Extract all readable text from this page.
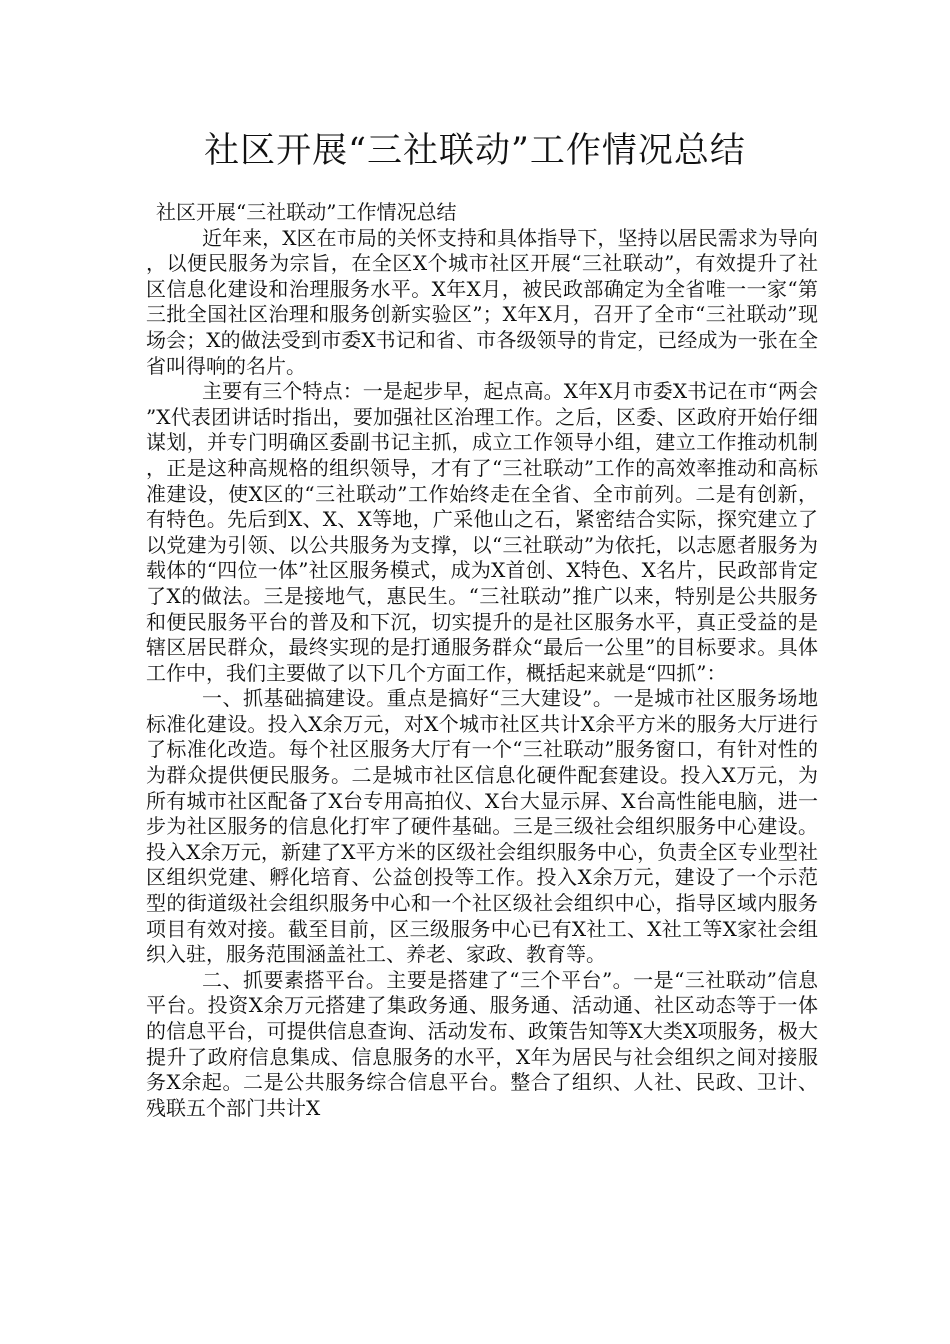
社区开展“三社联动”工作情况总结

社区开展“三社联动”工作情况总结

近年来，X区在市局的关怀支持和具体指导下，坚持以居民需求为导向，以便民服务为宗旨，在全区X个城市社区开展“三社联动”，有效提升了社区信息化建设和治理服务水平。X年X月，被民政部确定为全省唯一一家“第三批全国社区治理和服务创新实验区”；X年X月，召开了全市“三社联动”现场会；X的做法受到市委X书记和省、市各级领导的肯定，已经成为一张在全省叫得响的名片。

主要有三个特点：一是起步早，起点高。X年X月市委X书记在市“两会”X代表团讲话时指出，要加强社区治理工作。之后，区委、区政府开始仔细谋划，并专门明确区委副书记主抓，成立工作领导小组，建立工作推动机制，正是这种高规格的组织领导，才有了“三社联动”工作的高效率推动和高标准建设，使X区的“三社联动”工作始终走在全省、全市前列。二是有创新，有特色。先后到X、X、X等地，广采他山之石，紧密结合实际，探究建立了以党建为引领、以公共服务为支撑，以“三社联动”为依托，以志愿者服务为载体的“四位一体”社区服务模式，成为X首创、X特色、X名片，民政部肯定了X的做法。三是接地气，惠民生。“三社联动”推广以来，特别是公共服务和便民服务平台的普及和下沉，切实提升的是社区服务水平，真正受益的是辖区居民群众，最终实现的是打通服务群众“最后一公里”的目标要求。具体工作中，我们主要做了以下几个方面工作，概括起来就是“四抓”：

一、抓基础搞建设。重点是搞好“三大建设”。一是城市社区服务场地标准化建设。投入X余万元，对X个城市社区共计X余平方米的服务大厅进行了标准化改造。每个社区服务大厅有一个“三社联动”服务窗口，有针对性的为群众提供便民服务。二是城市社区信息化硬件配套建设。投入X万元，为所有城市社区配备了X台专用高拍仪、X台大显示屏、X台高性能电脑，进一步为社区服务的信息化打牢了硬件基础。三是三级社会组织服务中心建设。投入X余万元，新建了X平方米的区级社会组织服务中心，负责全区专业型社区组织党建、孵化培育、公益创投等工作。投入X余万元，建设了一个示范型的街道级社会组织服务中心和一个社区级社会组织中心，指导区域内服务项目有效对接。截至目前，区三级服务中心已有X社工、X社工等X家社会组织入驻，服务范围涵盖社工、养老、家政、教育等。

二、抓要素搭平台。主要是搭建了“三个平台”。一是“三社联动”信息平台。投资X余万元搭建了集政务通、服务通、活动通、社区动态等于一体的信息平台，可提供信息查询、活动发布、政策告知等X大类X项服务，极大提升了政府信息集成、信息服务的水平，X年为居民与社会组织之间对接服务X余起。二是公共服务综合信息平台。整合了组织、人社、民政、卫计、残联五个部门共计X
